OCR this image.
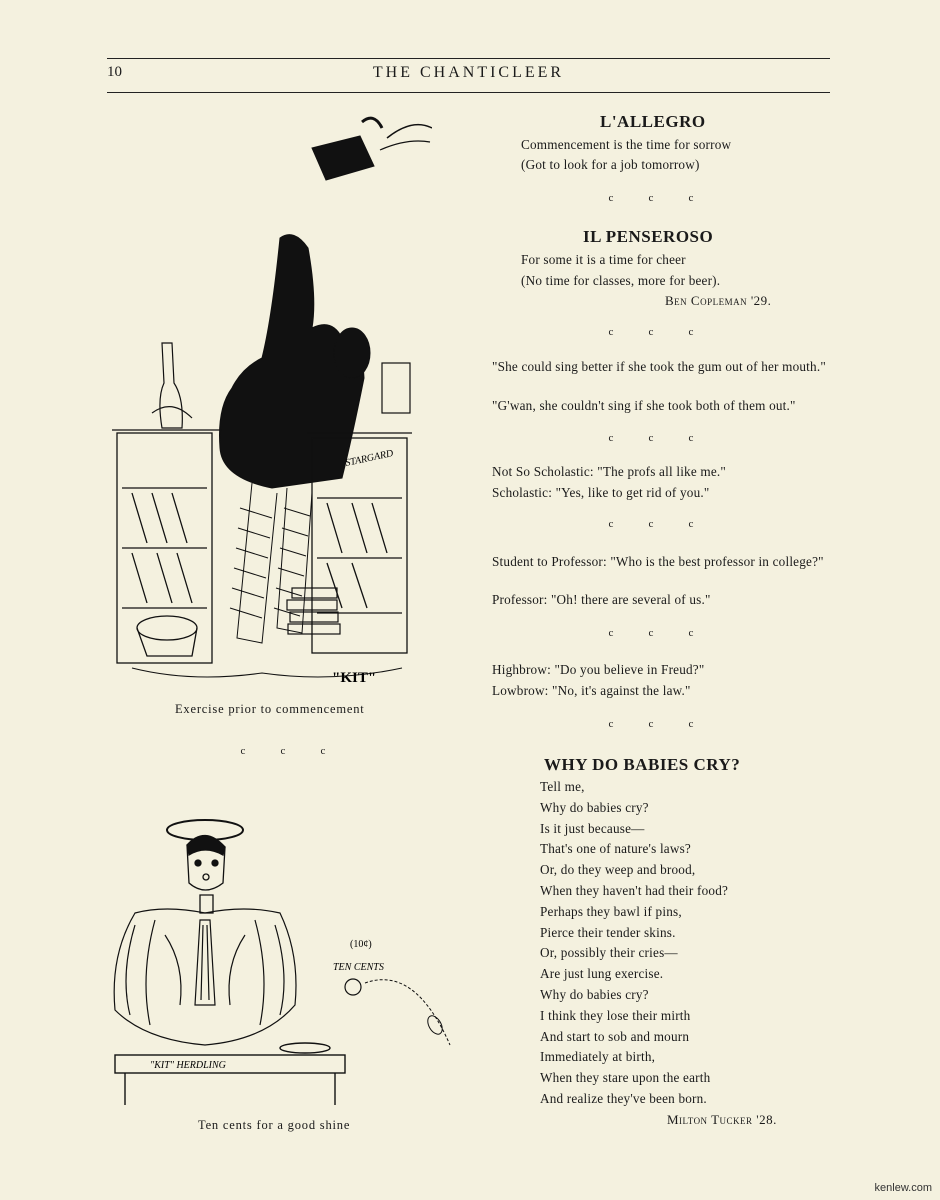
10	THE CHANTICLEER
STARGARD
"KIT"
Exercise prior to commencement
c	c	c
"KIT" HERDLING
(10¢)
TEN CENTS
Ten cents for a good shine
L'ALLEGRO
Commencement is the time for sorrow
(Got to look for a job tomorrow)
c	c	c
IL PENSEROSO
For some it is a time for cheer
(No time for classes, more for beer).
Ben Copleman '29.
c	c	c
"She could sing better if she took the gum out of her mouth."
"G'wan, she couldn't sing if she took both of them out."
c	c	c
Not So Scholastic: "The profs all like me."
Scholastic: "Yes, like to get rid of you."
c	c	c
Student to Professor: "Who is the best professor in college?"
Professor: "Oh! there are several of us."
c	c	c
Highbrow: "Do you believe in Freud?"
Lowbrow: "No, it's against the law."
c	c	c
WHY DO BABIES CRY?
Tell me,
Why do babies cry?
Is it just because—
That's one of nature's laws?
Or, do they weep and brood,
When they haven't had their food?
Perhaps they bawl if pins,
Pierce their tender skins.
Or, possibly their cries—
Are just lung exercise.
Why do babies cry?
I think they lose their mirth
And start to sob and mourn
Immediately at birth,
When they stare upon the earth
And realize they've been born.
Milton Tucker '28.
kenlew.com
